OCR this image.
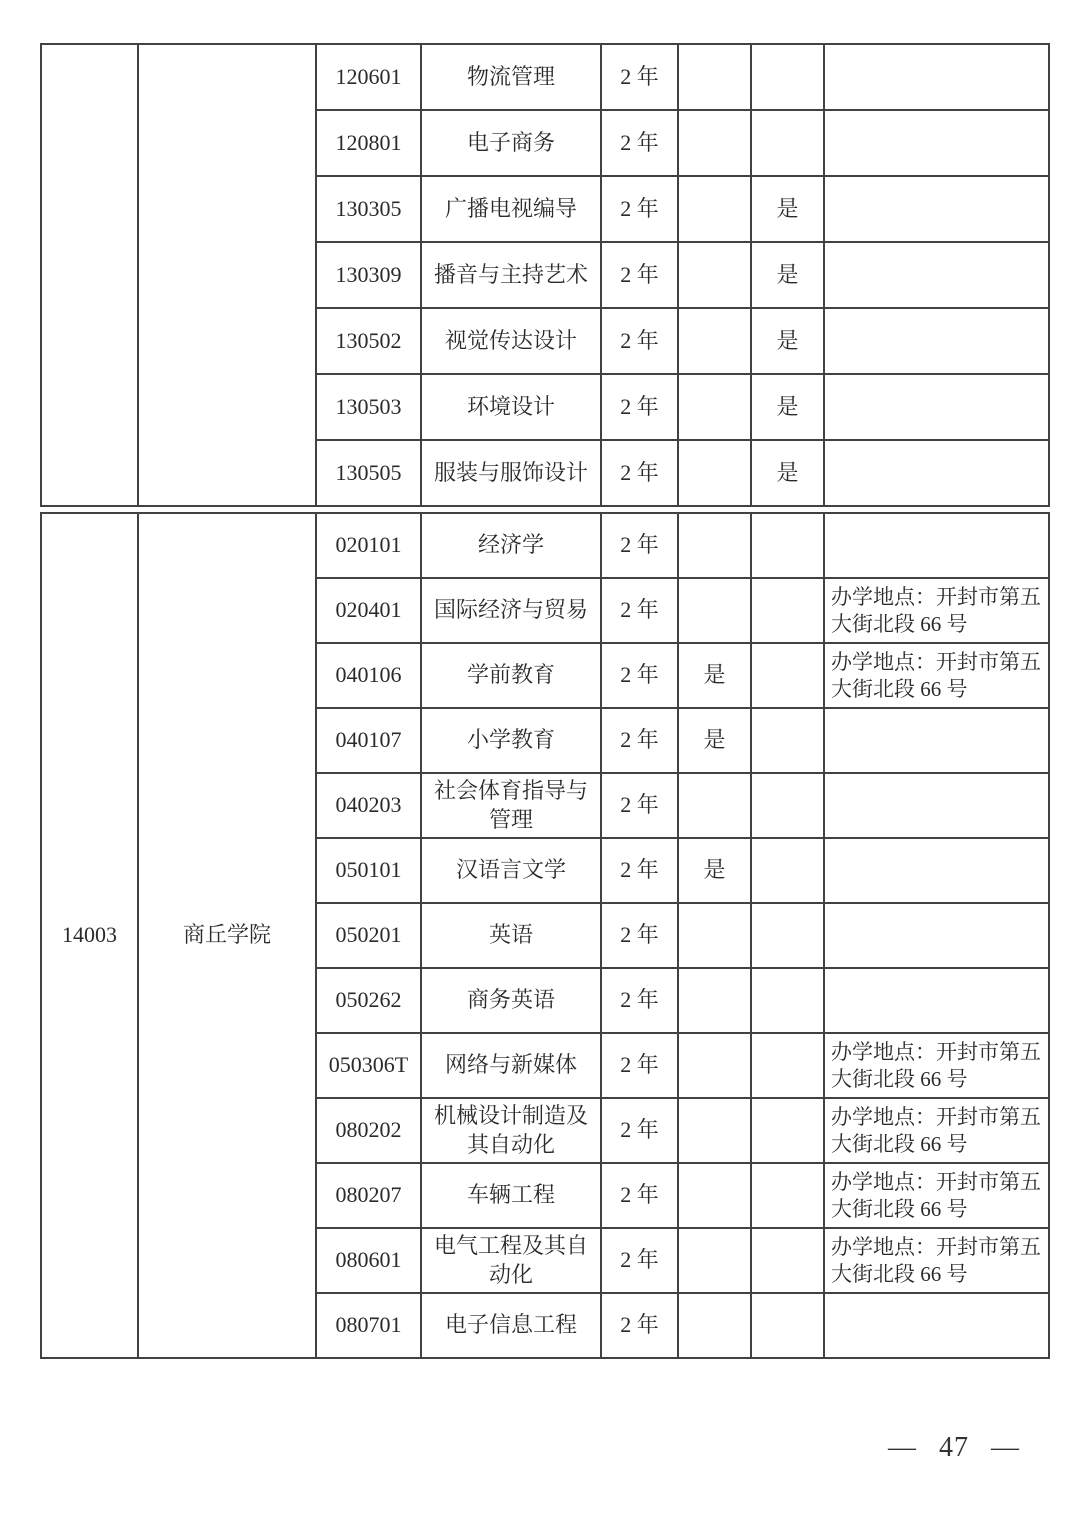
		120601	物流管理	2 年			
		120801	电子商务	2 年			
		130305	广播电视编导	2 年		是	
		130309	播音与主持艺术	2 年		是	
		130502	视觉传达设计	2 年		是	
		130503	环境设计	2 年		是	
		130505	服装与服饰设计	2 年		是	
14003	商丘学院	020101	经济学	2 年			
		020401	国际经济与贸易	2 年			办学地点：开封市第五大街北段 66 号
		040106	学前教育	2 年	是		办学地点：开封市第五大街北段 66 号
		040107	小学教育	2 年	是		
		040203	社会体育指导与管理	2 年			
		050101	汉语言文学	2 年	是		
		050201	英语	2 年			
		050262	商务英语	2 年			
		050306T	网络与新媒体	2 年			办学地点：开封市第五大街北段 66 号
		080202	机械设计制造及其自动化	2 年			办学地点：开封市第五大街北段 66 号
		080207	车辆工程	2 年			办学地点：开封市第五大街北段 66 号
		080601	电气工程及其自动化	2 年			办学地点：开封市第五大街北段 66 号
		080701	电子信息工程	2 年			
— 47 —
